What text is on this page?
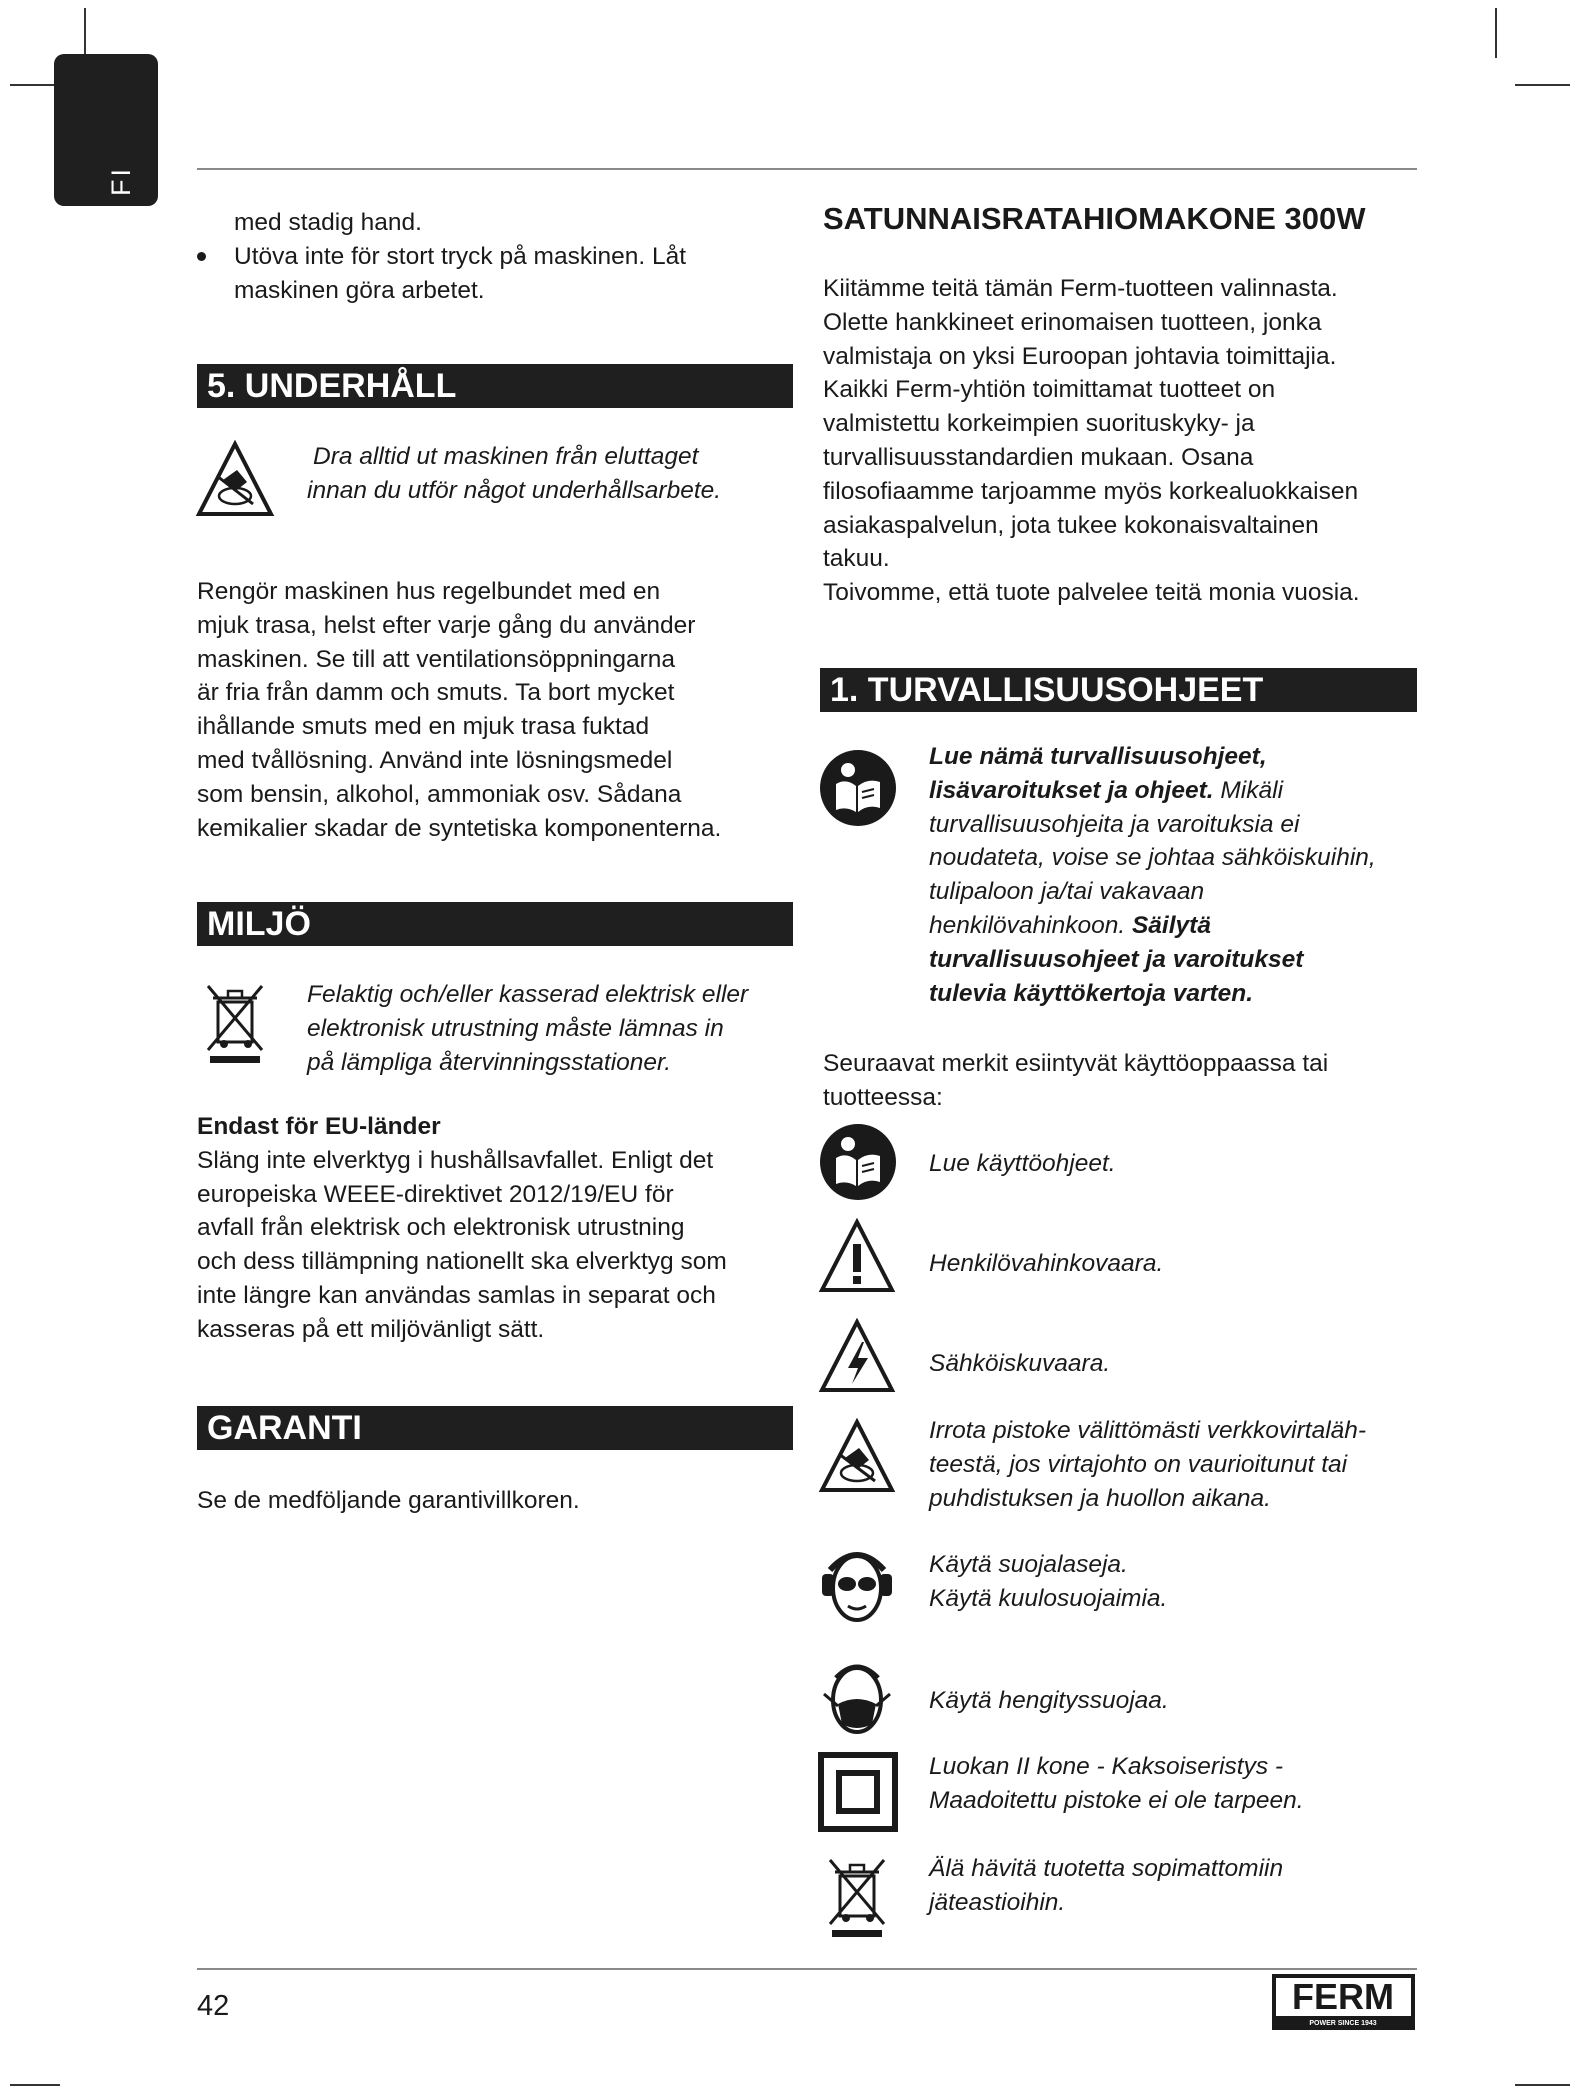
FI

med stadig hand.

Utöva inte för stort tryck på maskinen. Låt

maskinen göra arbetet.

5. UNDERHÅLL

Dra alltid ut maskinen från eluttaget

innan du utför något underhållsarbete.

Rengör maskinen hus regelbundet med en

mjuk trasa, helst efter varje gång du använder

maskinen. Se till att ventilationsöppningarna

är fria från damm och smuts. Ta bort mycket

ihållande smuts med en mjuk trasa fuktad

med tvållösning. Använd inte lösningsmedel

som bensin, alkohol, ammoniak osv. Sådana

kemikalier skadar de syntetiska komponenterna.

MILJÖ

Felaktig och/eller kasserad elektrisk eller

elektronisk utrustning måste lämnas in

på lämpliga återvinningsstationer.

Endast för EU-länder

Släng inte elverktyg i hushållsavfallet. Enligt det

europeiska WEEE-direktivet 2012/19/EU för

avfall från elektrisk och elektronisk utrustning

och dess tillämpning nationellt ska elverktyg som

inte längre kan användas samlas in separat och

kasseras på ett miljövänligt sätt.

GARANTI

Se de medföljande garantivillkoren.

SATUNNAISRATAHIOMAKONE 300W

Kiitämme teitä tämän Ferm-tuotteen valinnasta.

Olette hankkineet erinomaisen tuotteen, jonka

valmistaja on yksi Euroopan johtavia toimittajia.

Kaikki Ferm-yhtiön toimittamat tuotteet on

valmistettu korkeimpien suorituskyky- ja

turvallisuusstandardien mukaan. Osana

filosofiaamme tarjoamme myös korkealuokkaisen

asiakaspalvelun, jota tukee kokonaisvaltainen

takuu.

Toivomme, että tuote palvelee teitä monia vuosia.

1. TURVALLISUUSOHJEET

Lue nämä turvallisuusohjeet,

lisävaroitukset ja ohjeet. Mikäli

turvallisuusohjeita ja varoituksia ei

noudateta, voise se johtaa sähköiskuihin,

tulipaloon ja/tai vakavaan

henkilövahinkoon. Säilytä

turvallisuusohjeet ja varoitukset

tulevia käyttökertoja varten.

Seuraavat merkit esiintyvät käyttöoppaassa tai

tuotteessa:

Lue käyttöohjeet.
Henkilövahinkovaara.
Sähköiskuvaara.

Irrota pistoke välittömästi verkkovirtaläh-

teestä, jos virtajohto on vaurioitunut tai

puhdistuksen ja huollon aikana.

Käytä suojalaseja.

Käytä kuulosuojaimia.

Käytä hengityssuojaa.

Luokan II kone - Kaksoiseristys -

Maadoitettu pistoke ei ole tarpeen.

Älä hävitä tuotetta sopimattomiin

jäteastioihin.

42	FERM
POWER SINCE 1943
